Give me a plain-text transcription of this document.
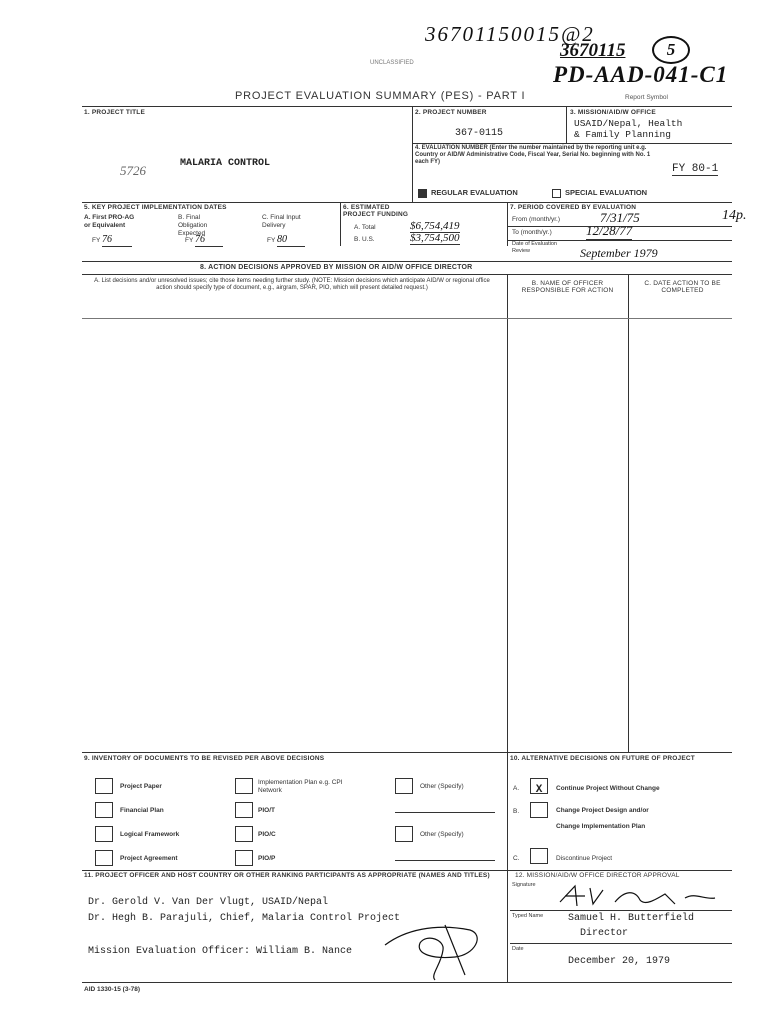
36701150015@2
3670115	5
PD-AAD-041-C1
UNCLASSIFIED
PROJECT EVALUATION SUMMARY (PES) - PART I	Report Symbol
1. PROJECT TITLE
5726	MALARIA CONTROL
2. PROJECT NUMBER
367-0115
3. MISSION/AID/W OFFICE
USAID/Nepal, Health
& Family Planning
4. EVALUATION NUMBER (Enter the number maintained by the reporting unit e.g. Country or AID/W Administrative Code, Fiscal Year, Serial No. beginning with No. 1 each FY)
FY 80-1
14p.
REGULAR EVALUATION	SPECIAL EVALUATION
5. KEY PROJECT IMPLEMENTATION DATES
A. First PRO-AG or Equivalent
FY 76
B. Final Obligation Expected
FY 76
C. Final Input Delivery
FY 80
6. ESTIMATED PROJECT FUNDING
A. Total	$6,754,419
B. U.S.	$3,754,500
7. PERIOD COVERED BY EVALUATION
From (month/yr.)	7/31/75
To (month/yr.)	12/28/77
Date of Evaluation Review	September 1979
8. ACTION DECISIONS APPROVED BY MISSION OR AID/W OFFICE DIRECTOR
A. List decisions and/or unresolved issues; cite those items needing further study. (NOTE: Mission decisions which anticipate AID/W or regional office action should specify type of document, e.g., airgram, SPAR, PIO, which will present detailed request.)
B. NAME OF OFFICER RESPONSIBLE FOR ACTION
C. DATE ACTION TO BE COMPLETED
9. INVENTORY OF DOCUMENTS TO BE REVISED PER ABOVE DECISIONS
Project Paper
Financial Plan
Logical Framework
Project Agreement
Implementation Plan e.g. CPI Network
PIO/T
PIO/C
PIO/P
Other (Specify)
Other (Specify)
10. ALTERNATIVE DECISIONS ON FUTURE OF PROJECT
A.	X	Continue Project Without Change
B.	Change Project Design and/or
Change Implementation Plan
C.	Discontinue Project
11. PROJECT OFFICER AND HOST COUNTRY OR OTHER RANKING PARTICIPANTS AS APPROPRIATE (NAMES AND TITLES)
Dr. Gerold V. Van Der Vlugt, USAID/Nepal
Dr. Hegh B. Parajuli, Chief, Malaria Control Project
Mission Evaluation Officer: William B. Nance
12. MISSION/AID/W OFFICE DIRECTOR APPROVAL
Signature
Typed Name Samuel H. Butterfield
Director
Date
December 20, 1979
AID 1330-15 (3-78)
